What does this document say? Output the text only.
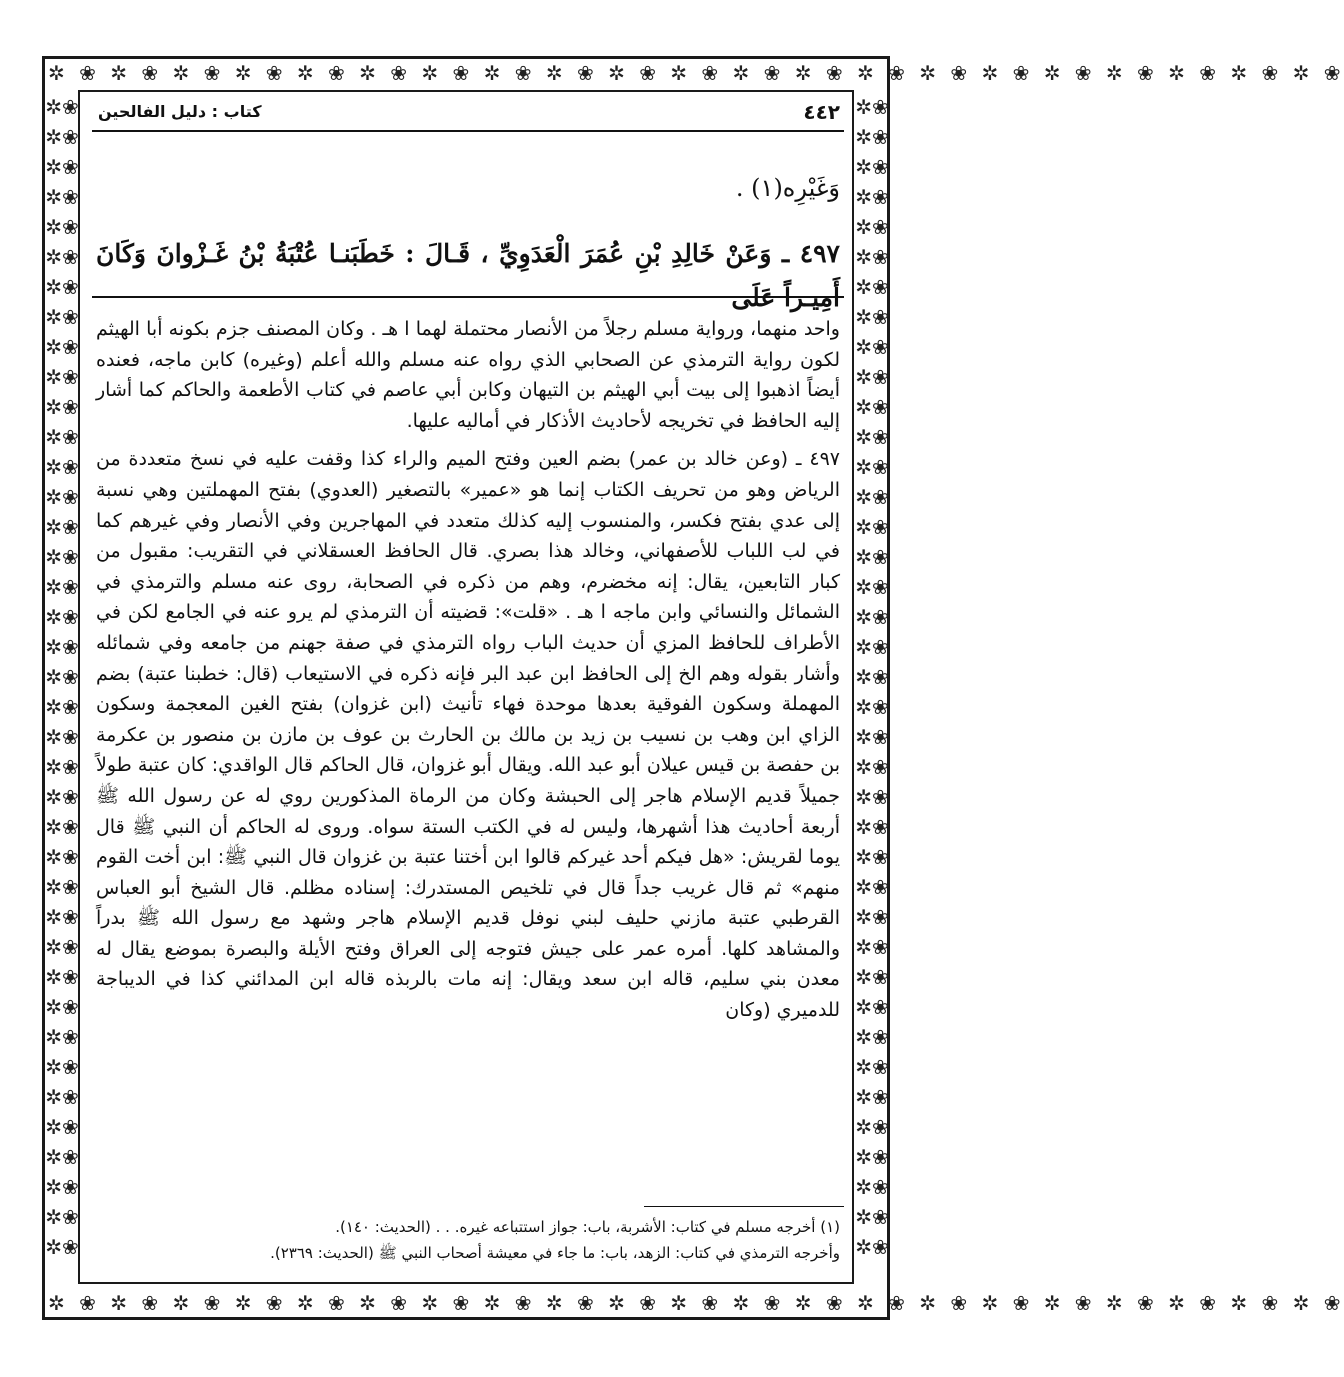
✲ ❀ ✲ ❀ ✲ ❀ ✲ ❀ ✲ ❀ ✲ ❀ ✲ ❀ ✲ ❀ ✲ ❀ ✲ ❀ ✲ ❀ ✲ ❀ ✲ ❀ ✲ ❀ ✲ ❀ ✲ ❀ ✲ ❀ ✲ ❀ ✲ ❀ ✲ ❀ ✲ ❀
✲ ❀ ✲ ❀ ✲ ❀ ✲ ❀ ✲ ❀ ✲ ❀ ✲ ❀ ✲ ❀ ✲ ❀ ✲ ❀ ✲ ❀ ✲ ❀ ✲ ❀ ✲ ❀ ✲ ❀ ✲ ❀ ✲ ❀ ✲ ❀ ✲ ❀ ✲ ❀ ✲ ❀
✲❀✲❀✲❀✲❀✲❀✲❀✲❀✲❀✲❀✲❀✲❀✲❀✲❀✲❀✲❀✲❀✲❀✲❀✲❀✲❀✲❀✲❀✲❀✲❀✲❀✲❀✲❀✲❀✲❀✲❀✲❀✲❀✲❀✲❀✲❀✲❀✲❀✲❀✲❀
✲❀✲❀✲❀✲❀✲❀✲❀✲❀✲❀✲❀✲❀✲❀✲❀✲❀✲❀✲❀✲❀✲❀✲❀✲❀✲❀✲❀✲❀✲❀✲❀✲❀✲❀✲❀✲❀✲❀✲❀✲❀✲❀✲❀✲❀✲❀✲❀✲❀✲❀✲❀
٤٤٢
كتاب : دليل الفالحين
وَغَيْرِه(١) .
٤٩٧ ـ وَعَنْ خَالِدِ بْنِ عُمَرَ الْعَدَوِيِّ ، قَـالَ : خَطَبَنـا عُتْبَةُ بْنُ غَـزْوانَ وَكَانَ أَمِيـراً عَلَى

واحد منهما، ورواية مسلم رجلاً من الأنصار محتملة لهما ا هـ . وكان المصنف جزم بكونه أبا الهيثم لكون رواية الترمذي عن الصحابي الذي رواه عنه مسلم والله أعلم (وغيره) كابن ماجه، فعنده أيضاً اذهبوا إلى بيت أبي الهيثم بن التيهان وكابن أبي عاصم في كتاب الأطعمة والحاكم كما أشار إليه الحافظ في تخريجه لأحاديث الأذكار في أماليه عليها.

٤٩٧ ـ (وعن خالد بن عمر) بضم العين وفتح الميم والراء كذا وقفت عليه في نسخ متعددة من الرياض وهو من تحريف الكتاب إنما هو «عمير» بالتصغير (العدوي) بفتح المهملتين وهي نسبة إلى عدي بفتح فكسر، والمنسوب إليه كذلك متعدد في المهاجرين وفي الأنصار وفي غيرهم كما في لب اللباب للأصفهاني، وخالد هذا بصري. قال الحافظ العسقلاني في التقريب: مقبول من كبار التابعين، يقال: إنه مخضرم، وهم من ذكره في الصحابة، روى عنه مسلم والترمذي في الشمائل والنسائي وابن ماجه ا هـ . «قلت»: قضيته أن الترمذي لم يرو عنه في الجامع لكن في الأطراف للحافظ المزي أن حديث الباب رواه الترمذي في صفة جهنم من جامعه وفي شمائله وأشار بقوله وهم الخ إلى الحافظ ابن عبد البر فإنه ذكره في الاستيعاب (قال: خطبنا عتبة) بضم المهملة وسكون الفوقية بعدها موحدة فهاء تأنيث (ابن غزوان) بفتح الغين المعجمة وسكون الزاي ابن وهب بن نسيب بن زيد بن مالك بن الحارث بن عوف بن مازن بن منصور بن عكرمة بن حفصة بن قيس عيلان أبو عبد الله. ويقال أبو غزوان، قال الحاكم قال الواقدي: كان عتبة طولاً جميلاً قديم الإسلام هاجر إلى الحبشة وكان من الرماة المذكورين روي له عن رسول الله ﷺ أربعة أحاديث هذا أشهرها، وليس له في الكتب الستة سواه. وروى له الحاكم أن النبي ﷺ قال يوما لقريش: «هل فيكم أحد غيركم قالوا ابن أختنا عتبة بن غزوان قال النبي ﷺ: ابن أخت القوم منهم» ثم قال غريب جداً قال في تلخيص المستدرك: إسناده مظلم. قال الشيخ أبو العباس القرطبي عتبة مازني حليف لبني نوفل قديم الإسلام هاجر وشهد مع رسول الله ﷺ بدراً والمشاهد كلها. أمره عمر على جيش فتوجه إلى العراق وفتح الأيلة والبصرة بموضع يقال له معدن بني سليم، قاله ابن سعد ويقال: إنه مات بالربذه قاله ابن المدائني كذا في الديباجة للدميري (وكان

(١) أخرجه مسلم في كتاب: الأشربة، باب: جواز استتباعه غيره. . . (الحديث: ١٤٠).
وأخرجه الترمذي في كتاب: الزهد، باب: ما جاء في معيشة أصحاب النبي ﷺ (الحديث: ٢٣٦٩).
